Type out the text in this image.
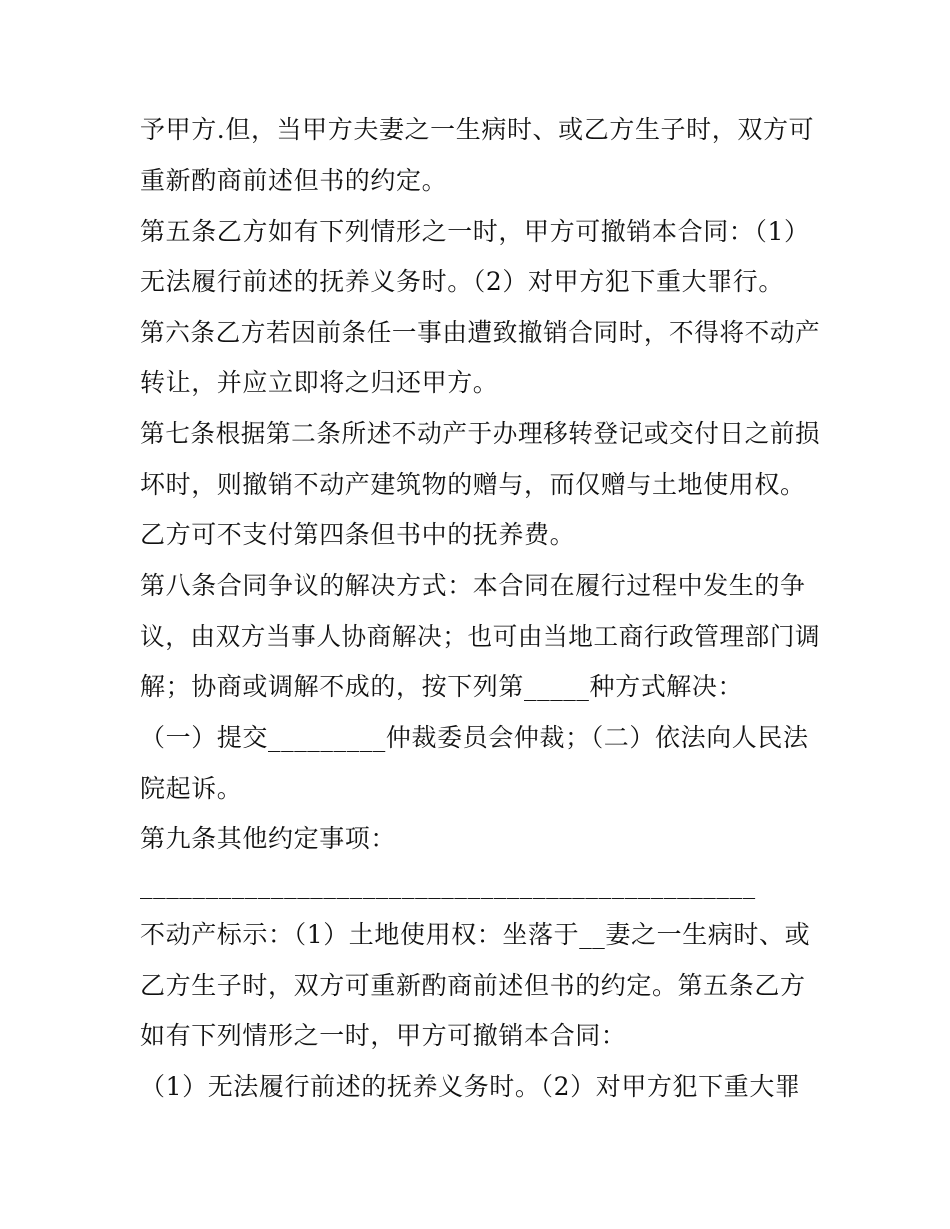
予甲方.但，当甲方夫妻之一生病时、或乙方生子时，双方可
重新酌商前述但书的约定。
第五条乙方如有下列情形之一时，甲方可撤销本合同：（1）
无法履行前述的抚养义务时。（2）对甲方犯下重大罪行。
第六条乙方若因前条任一事由遭致撤销合同时，不得将不动产
转让，并应立即将之归还甲方。
第七条根据第二条所述不动产于办理移转登记或交付日之前损
坏时，则撤销不动产建筑物的赠与，而仅赠与土地使用权。
乙方可不支付第四条但书中的抚养费。
第八条合同争议的解决方式：本合同在履行过程中发生的争
议，由双方当事人协商解决；也可由当地工商行政管理部门调
解；协商或调解不成的，按下列第_____种方式解决：
（一）提交_________仲裁委员会仲裁；（二）依法向人民法
院起诉。
第九条其他约定事项：
_______________________________________________
不动产标示：（1）土地使用权：坐落于__妻之一生病时、或
乙方生子时，双方可重新酌商前述但书的约定。第五条乙方
如有下列情形之一时，甲方可撤销本合同：
（1）无法履行前述的抚养义务时。（2）对甲方犯下重大罪
